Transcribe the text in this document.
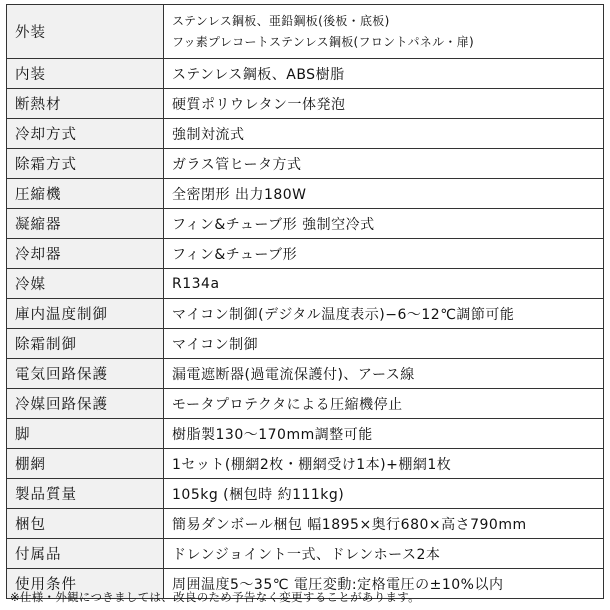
外装	ステンレス鋼板、亜鉛鋼板(後板・底板)
フッ素プレコートステンレス鋼板(フロントパネル・扉)

内装	ステンレス鋼板、ABS樹脂
断熱材	硬質ポリウレタン一体発泡
冷却方式	強制対流式
除霜方式	ガラス管ヒータ方式
圧縮機	全密閉形 出力180W
凝縮器	フィン&チューブ形 強制空冷式
冷却器	フィン&チューブ形
冷媒	R134a
庫内温度制御	マイコン制御(デジタル温度表示)−6〜12℃調節可能
除霜制御	マイコン制御
電気回路保護	漏電遮断器(過電流保護付)、アース線
冷媒回路保護	モータプロテクタによる圧縮機停止
脚	樹脂製130〜170mm調整可能
棚網	1セット(棚網2枚・棚網受け1本)+棚網1枚
製品質量	105kg (梱包時 約111kg)
梱包	簡易ダンボール梱包 幅1895×奥行680×高さ790mm
付属品	ドレンジョイント一式、ドレンホース2本
使用条件	周囲温度5〜35℃ 電圧変動:定格電圧の±10%以内
※仕様・外観につきましては、改良のため予告なく変更することがあります。
